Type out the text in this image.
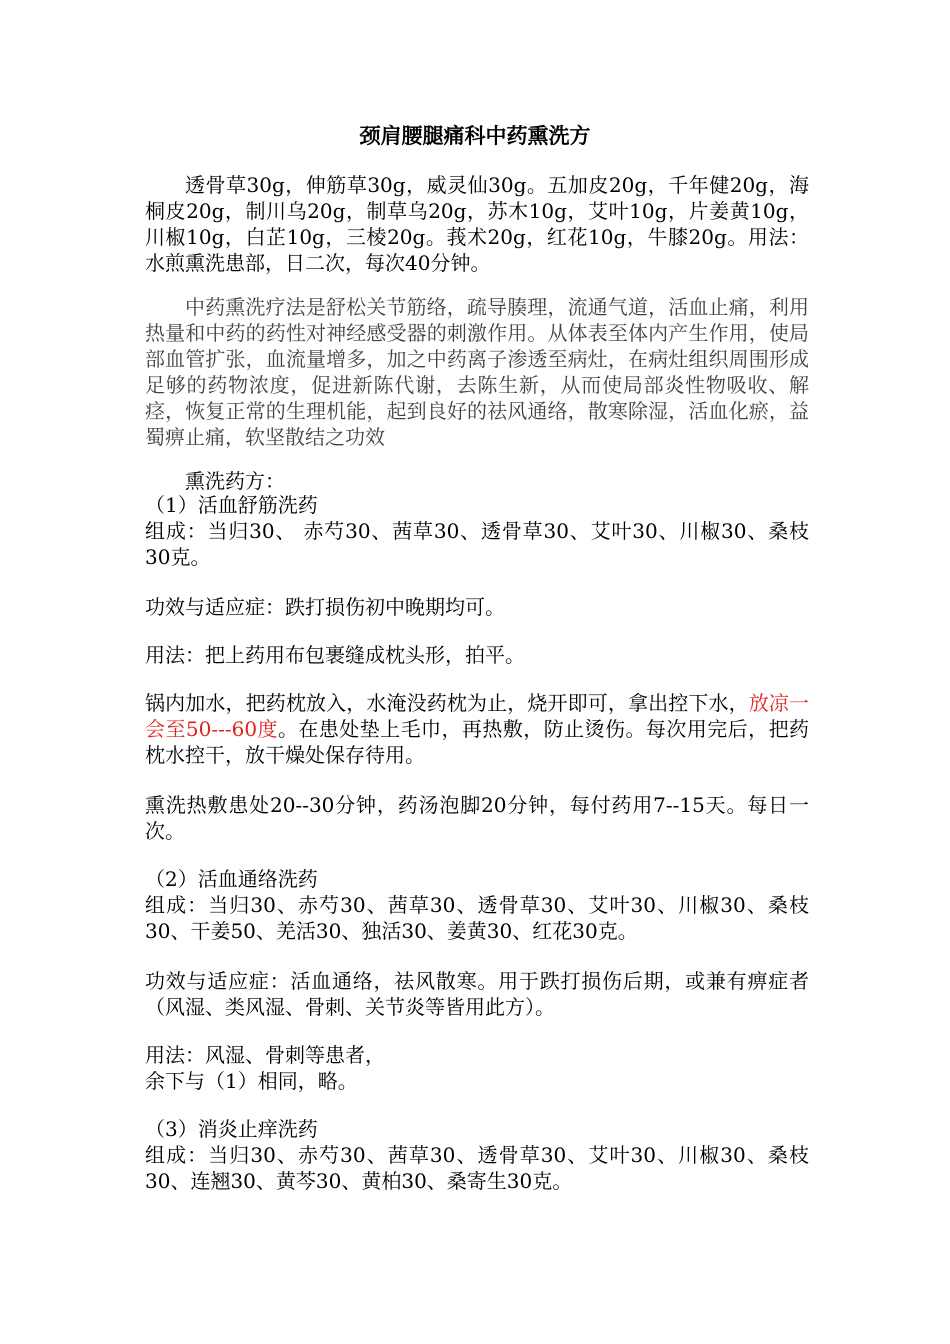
颈肩腰腿痛科中药熏洗方

透骨草30g，伸筋草30g，威灵仙30g。五加皮20g，千年健20g，海桐皮20g，制川乌20g，制草乌20g，苏木10g，艾叶10g，片姜黄10g，川椒10g，白芷10g，三棱20g。莪术20g，红花10g，牛膝20g。用法：水煎熏洗患部，日二次，每次40分钟。

中药熏洗疗法是舒松关节筋络，疏导腠理，流通气道，活血止痛，利用热量和中药的药性对神经感受器的刺激作用。从体表至体内产生作用，使局部血管扩张，血流量增多，加之中药离子渗透至病灶，在病灶组织周围形成足够的药物浓度，促进新陈代谢，去陈生新，从而使局部炎性物吸收、解痉，恢复正常的生理机能，起到良好的祛风通络，散寒除湿，活血化瘀，益蜀痹止痛，软坚散结之功效

熏洗药方：

（1）活血舒筋洗药

组成：当归30、 赤芍30、茜草30、透骨草30、艾叶30、川椒30、桑枝30克。

功效与适应症：跌打损伤初中晚期均可。

用法：把上药用布包裹缝成枕头形，拍平。

锅内加水，把药枕放入，水淹没药枕为止，烧开即可，拿出控下水，放凉一会至50---60度。在患处垫上毛巾，再热敷，防止烫伤。每次用完后，把药枕水控干，放干燥处保存待用。

熏洗热敷患处20--30分钟，药汤泡脚20分钟，每付药用7--15天。每日一次。

（2）活血通络洗药

组成：当归30、赤芍30、茜草30、透骨草30、艾叶30、川椒30、桑枝30、干姜50、羌活30、独活30、姜黄30、红花30克。

功效与适应症：活血通络，祛风散寒。用于跌打损伤后期，或兼有痹症者（风湿、类风湿、骨刺、关节炎等皆用此方）。

用法：风湿、骨刺等患者，

余下与（1）相同，略。

（3）消炎止痒洗药

组成：当归30、赤芍30、茜草30、透骨草30、艾叶30、川椒30、桑枝30、连翘30、黄芩30、黄柏30、桑寄生30克。
